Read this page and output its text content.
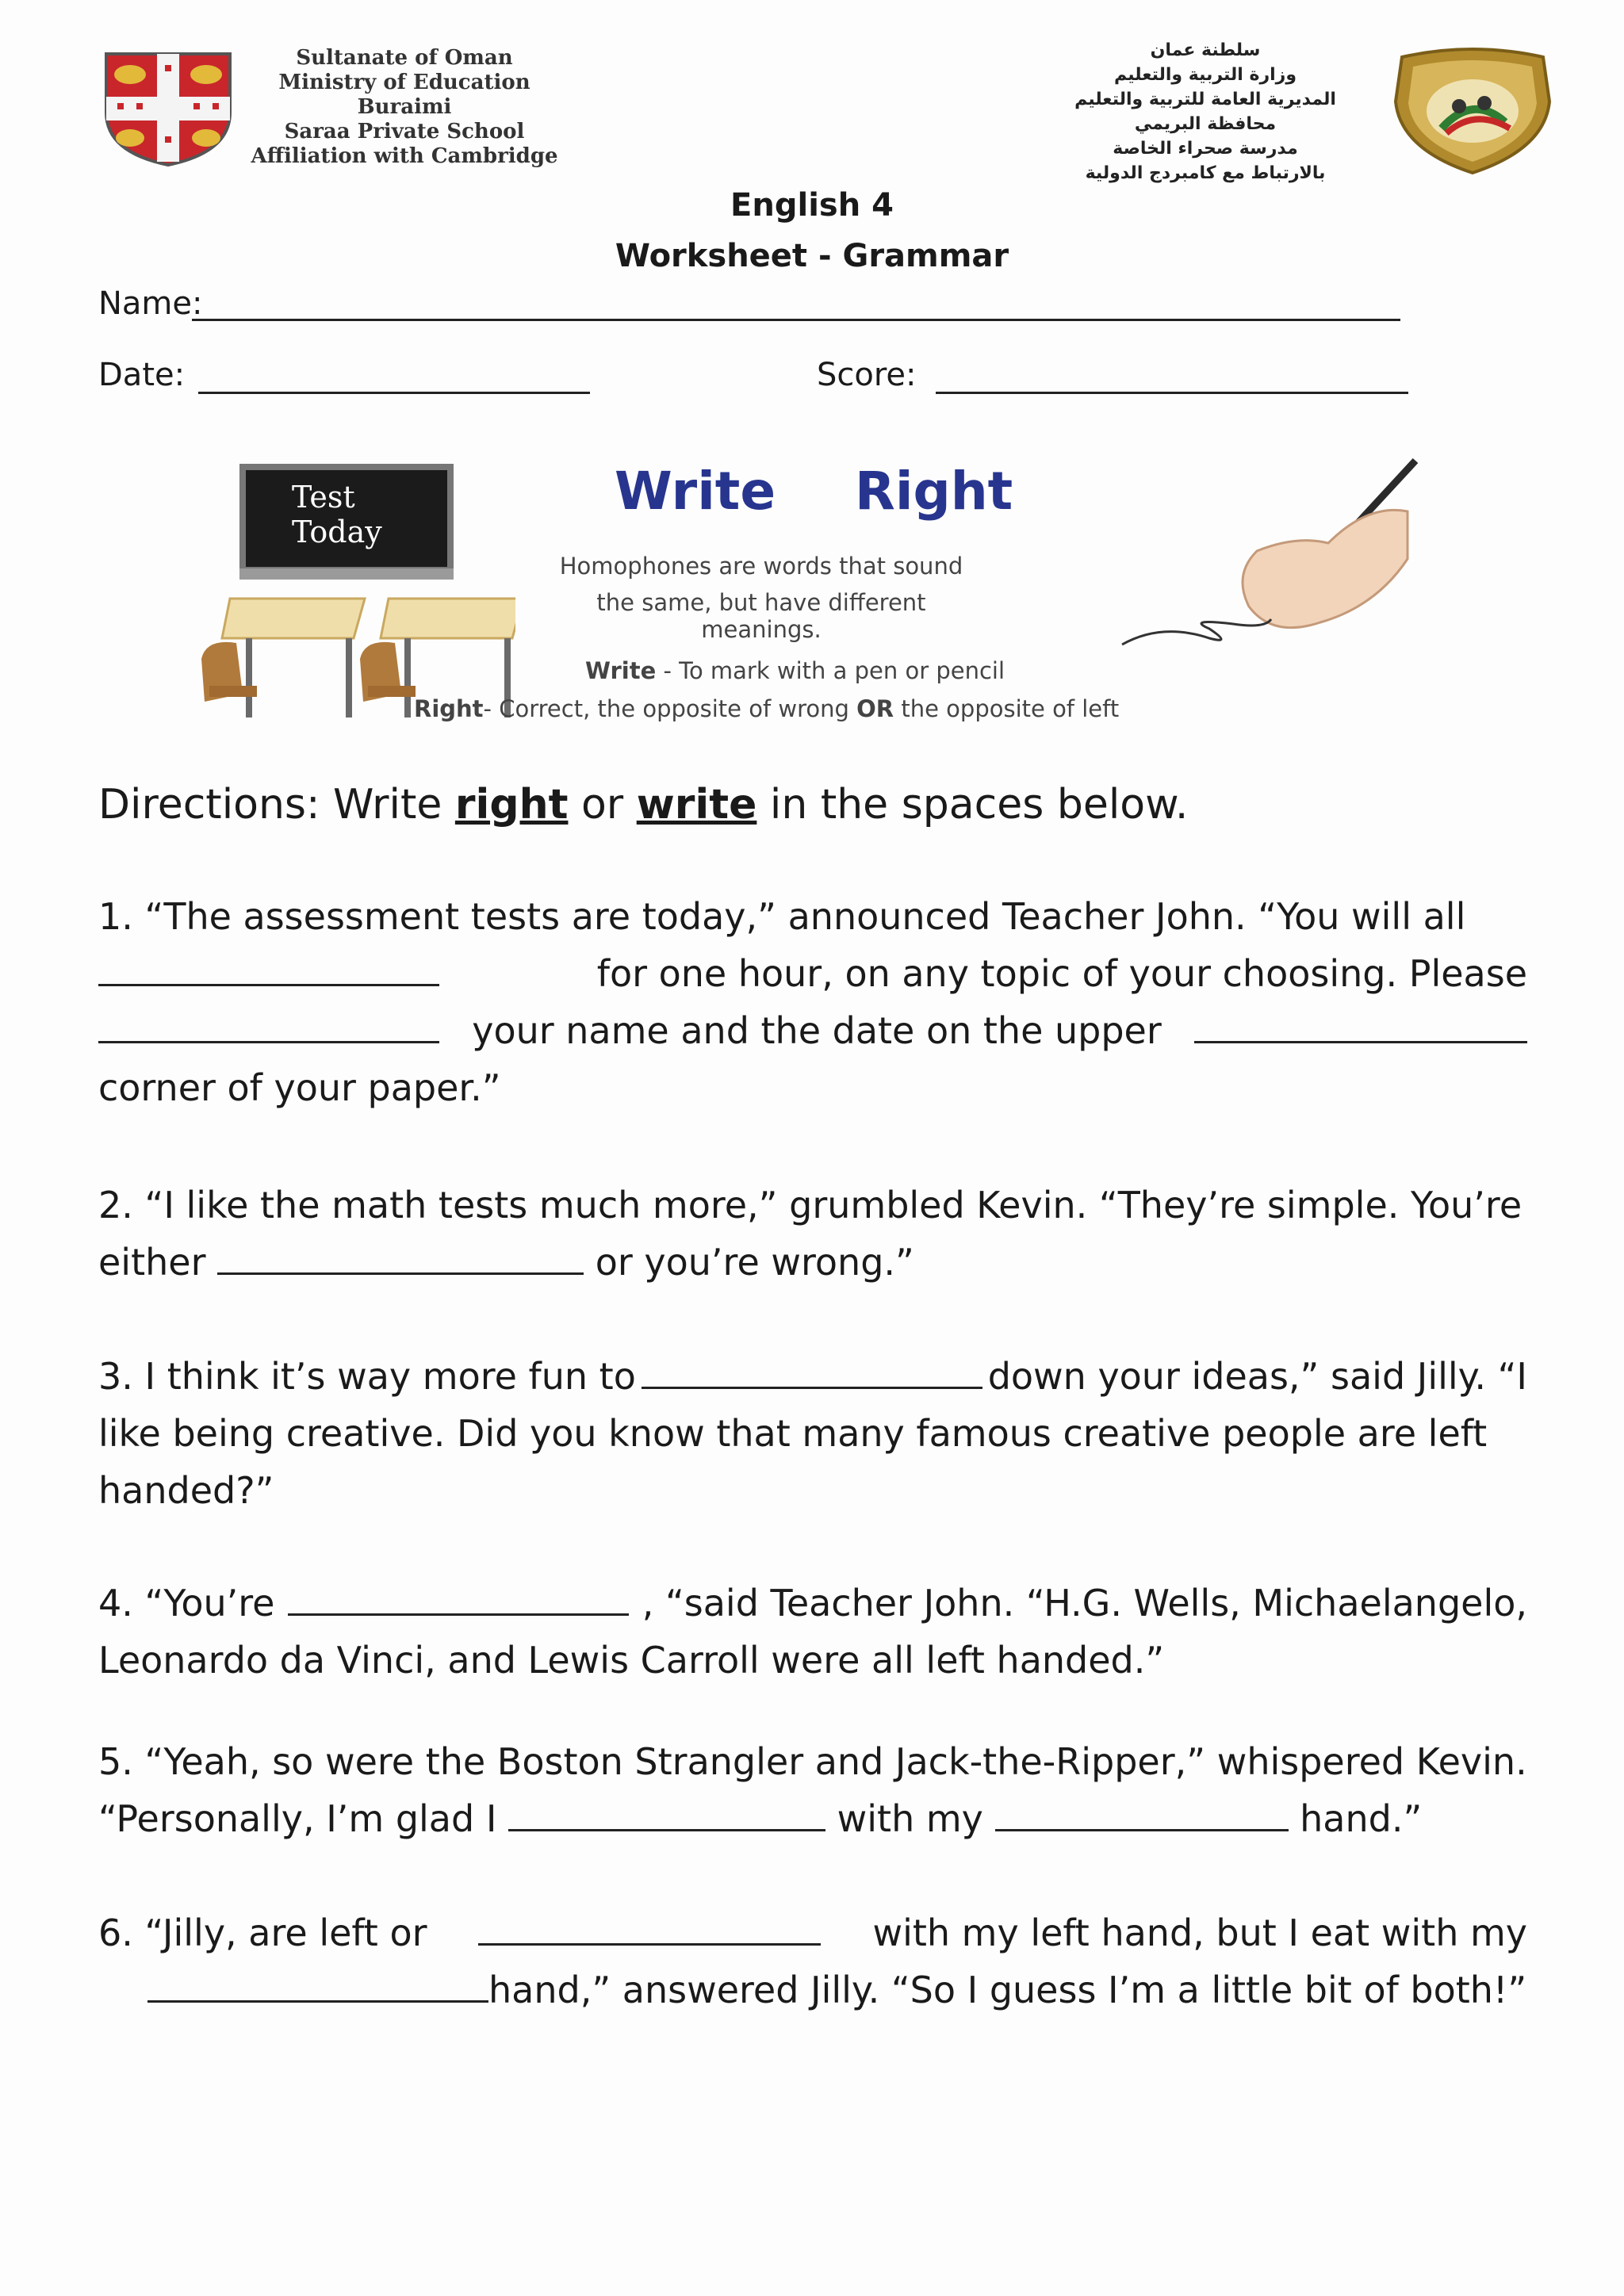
Sultanate of Oman
Ministry of Education
Buraimi
Saraa Private School
Affiliation with Cambridge
سلطنة عمان
وزارة التربية والتعليم
المديرية العامة للتربية والتعليم
محافظة البريمي
مدرسة صحراء الخاصة
بالارتباط مع كامبردج الدولية
English 4
Worksheet - Grammar
Name:
Date:	Score:
Test
Today
Write Right
Homophones are words that sound
the same, but have different meanings.
Write - To mark with a pen or pencil
Right- Correct, the opposite of wrong OR the opposite of left
Directions: Write right or write in the spaces below.
1. “The assessment tests are today,” announced Teacher John. “You will all
for one hour, on any topic of your choosing. Please
your name and the date on the upper
corner of your paper.”
2. “I like the math tests much more,” grumbled Kevin. “They’re simple. You’re
either	or you’re wrong.”
3. I think it’s way more fun to	down your ideas,” said Jilly. “I
like being creative. Did you know that many famous creative people are left
handed?”
4. “You’re	, “said Teacher John. “H.G. Wells, Michaelangelo,
Leonardo da Vinci, and Lewis Carroll were all left handed.”
5. “Yeah, so were the Boston Strangler and Jack-the-Ripper,” whispered Kevin.
“Personally, I’m glad I	with my	hand.”
6. “Jilly, are left or	with my left hand, but I eat with my
hand,” answered Jilly. “So I guess I’m a little bit of both!”
